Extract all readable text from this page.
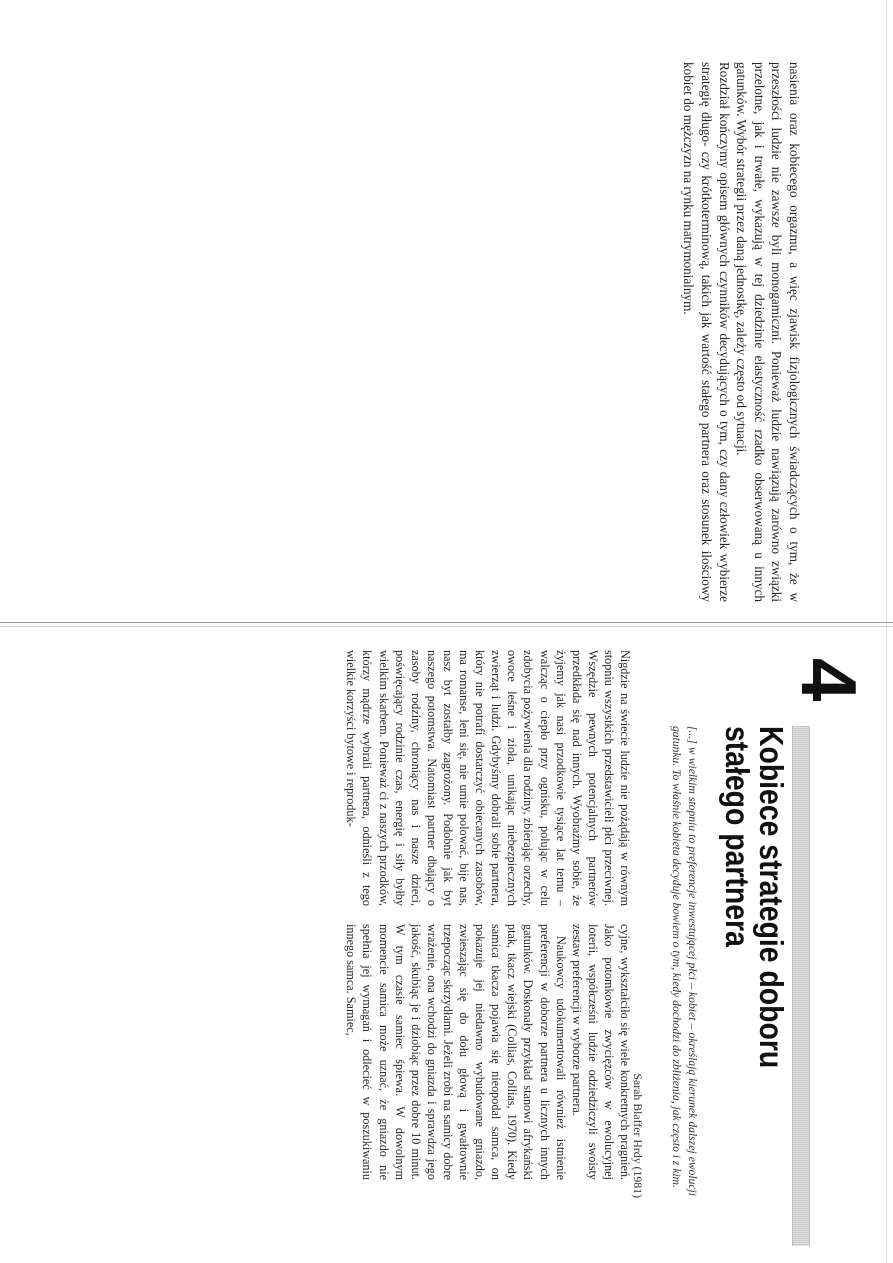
nasienia oraz kobiecego orgazmu, a więc zjawisk fizjologicznych świadczących o tym, że w przeszłości ludzie nie zawsze byli monogamiczni. Ponieważ ludzie nawiązują zarówno związki przelotne, jak i trwałe, wykazują w tej dziedzinie elastyczność rzadko obserwowaną u innych gatunków. Wybór strategii przez daną jednostkę, zależy często od sytuacji.

Rozdział kończymy opisem głównych czynników decydujących o tym, czy dany człowiek wybierze strategię długo- czy krótkoterminową, takich jak wartość stałego partnera oraz stosunek ilościowy kobiet do mężczyzn na rynku matrymonialnym.

4
Kobiece strategie doboru
stałego partnera
[...] w wielkim stopniu to preferencje inwestującej płci – kobiet – określają kierunek dalszej ewolucji gatunku. To właśnie kobieta decyduje bowiem o tym, kiedy dochodzi do zbliżenia, jak często i z kim.
Sarah Blaffer Hrdy (1981)

Nigdzie na świecie ludzie nie pożądają w równym stopniu wszystkich przedstawicieli płci przeciwnej. Wszędzie pewnych potencjalnych partnerów przedkłada się nad innych. Wyobraźmy sobie, że żyjemy jak nasi przodkowie tysiące lat temu – walcząc o ciepło przy ognisku, polując w celu zdobycia pożywienia dla rodziny, zbierając orzechy, owoce leśne i zioła, unikając niebezpiecznych zwierząt i ludzi. Gdybyśmy dobrali sobie partnera, który nie potrafi dostarczyć obiecanych zasobów, ma romanse, leni się, nie umie polować, bije nas, nasz byt zostałby zagrożony. Podobnie jak byt naszego potomstwa. Natomiast partner dbający o zasoby rodziny, chroniący nas i nasze dzieci, poświęcający rodzinie czas, energię i siły byłby wielkim skarbem. Ponieważ ci z naszych przodków, którzy mądrze wybrali partnera, odnieśli z tego wielkie korzyści bytowe i reproduk-

cyjne, wykształciło się wiele konkretnych pragnień. Jako potomkowie zwycięzców w ewolucyjnej loterii, współcześni ludzie odziedziczyli swoisty zestaw preferencji w wyborze partnera.

Naukowcy udokumentowali również istnienie preferencji w doborze partnera u licznych innych gatunków. Doskonały przykład stanowi afrykański ptak, tkacz wiejski (Collias, Collias, 1970). Kiedy samica tkacza pojawia się nieopodal samca, on pokazuje jej niedawno wybudowane gniazdo, zwieszając się do dołu głową i gwałtownie trzepocząc skrzydłami. Jeżeli zrobi na samicy dobre wrażenie, ona wchodzi do gniazda i sprawdza jego jakość, skubiąc je i dziobiąc przez dobre 10 minut. W tym czasie samiec śpiewa. W dowolnym momencie samica może uznać, że gniazdo nie spełnia jej wymagań i odlecieć w poszukiwaniu innego samca. Samiec,
